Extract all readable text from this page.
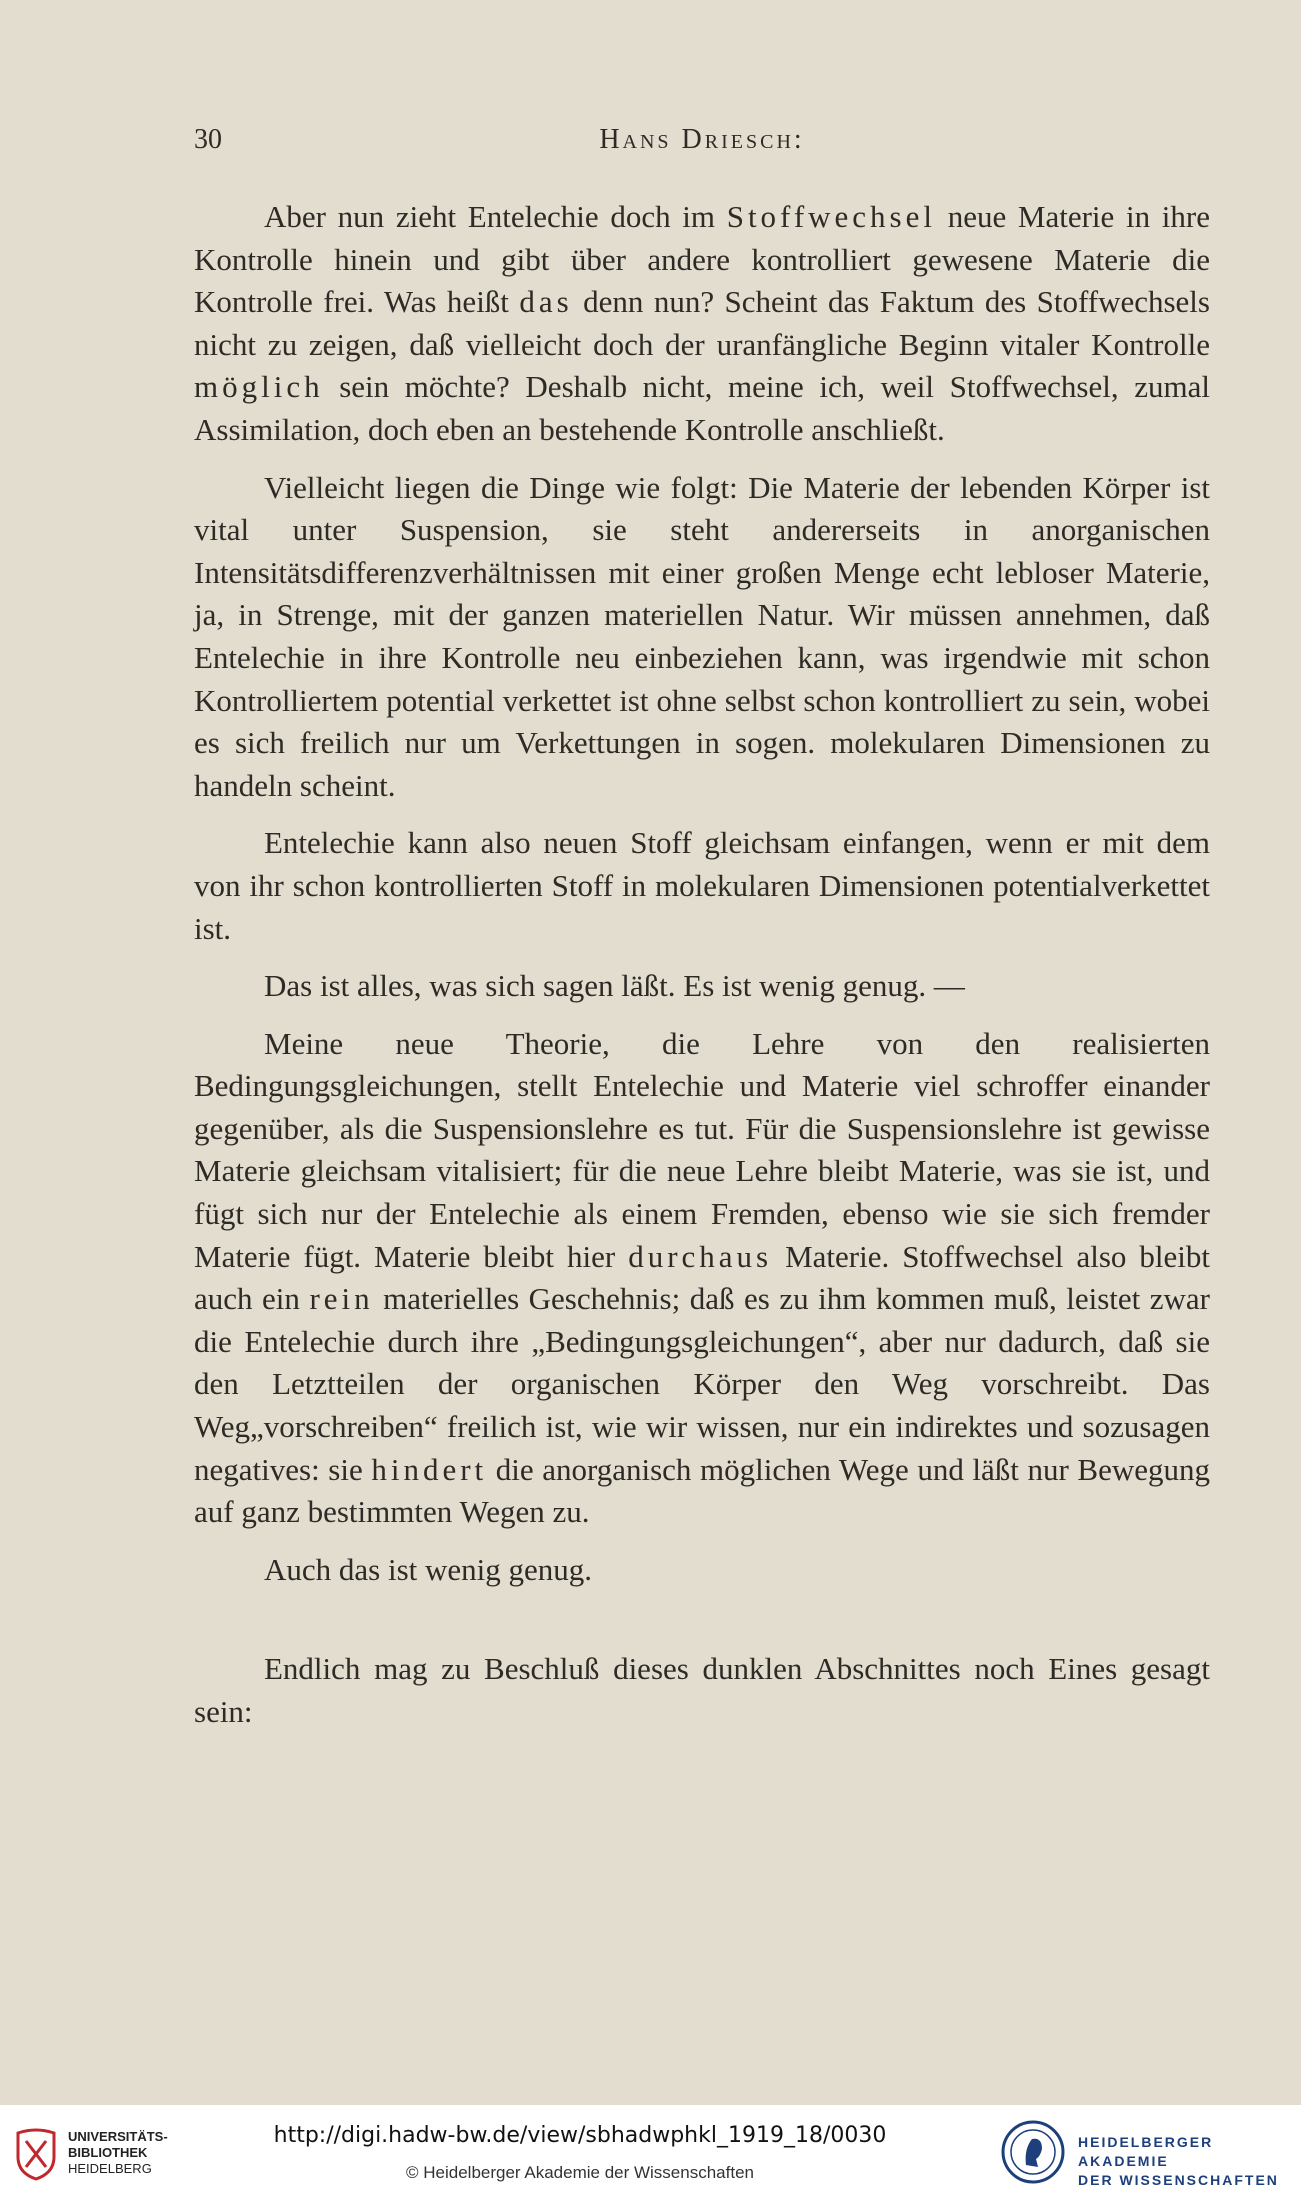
30	Hans Driesch:

Aber nun zieht Entelechie doch im Stoffwechsel neue Materie in ihre Kontrolle hinein und gibt über andere kontrolliert gewesene Materie die Kontrolle frei. Was heißt das denn nun? Scheint das Faktum des Stoffwechsels nicht zu zeigen, daß vielleicht doch der uranfängliche Beginn vitaler Kontrolle möglich sein möchte? Deshalb nicht, meine ich, weil Stoffwechsel, zumal Assimilation, doch eben an bestehende Kontrolle anschließt.

Vielleicht liegen die Dinge wie folgt: Die Materie der lebenden Körper ist vital unter Suspension, sie steht andererseits in anorganischen Intensitätsdifferenzverhältnissen mit einer großen Menge echt lebloser Materie, ja, in Strenge, mit der ganzen materiellen Natur. Wir müssen annehmen, daß Entelechie in ihre Kontrolle neu einbeziehen kann, was irgendwie mit schon Kontrolliertem potential verkettet ist ohne selbst schon kontrolliert zu sein, wobei es sich freilich nur um Verkettungen in sogen. molekularen Dimensionen zu handeln scheint.

Entelechie kann also neuen Stoff gleichsam einfangen, wenn er mit dem von ihr schon kontrollierten Stoff in molekularen Dimensionen potentialverkettet ist.

Das ist alles, was sich sagen läßt. Es ist wenig genug. —

Meine neue Theorie, die Lehre von den realisierten Bedingungsgleichungen, stellt Entelechie und Materie viel schroffer einander gegenüber, als die Suspensionslehre es tut. Für die Suspensionslehre ist gewisse Materie gleichsam vitalisiert; für die neue Lehre bleibt Materie, was sie ist, und fügt sich nur der Entelechie als einem Fremden, ebenso wie sie sich fremder Materie fügt. Materie bleibt hier durchaus Materie. Stoffwechsel also bleibt auch ein rein materielles Geschehnis; daß es zu ihm kommen muß, leistet zwar die Entelechie durch ihre „Bedingungsgleichungen“, aber nur dadurch, daß sie den Letztteilen der organischen Körper den Weg vorschreibt. Das Weg„vorschreiben“ freilich ist, wie wir wissen, nur ein indirektes und sozusagen negatives: sie hindert die anorganisch möglichen Wege und läßt nur Bewegung auf ganz bestimmten Wegen zu.

Auch das ist wenig genug.

Endlich mag zu Beschluß dieses dunklen Abschnittes noch Eines gesagt sein:

UNIVERSITÄTS-
BIBLIOTHEK
HEIDELBERG
http://digi.hadw-bw.de/view/sbhadwphkl_1919_18/0030
© Heidelberger Akademie der Wissenschaften
HEIDELBERGER AKADEMIE
DER WISSENSCHAFTEN
